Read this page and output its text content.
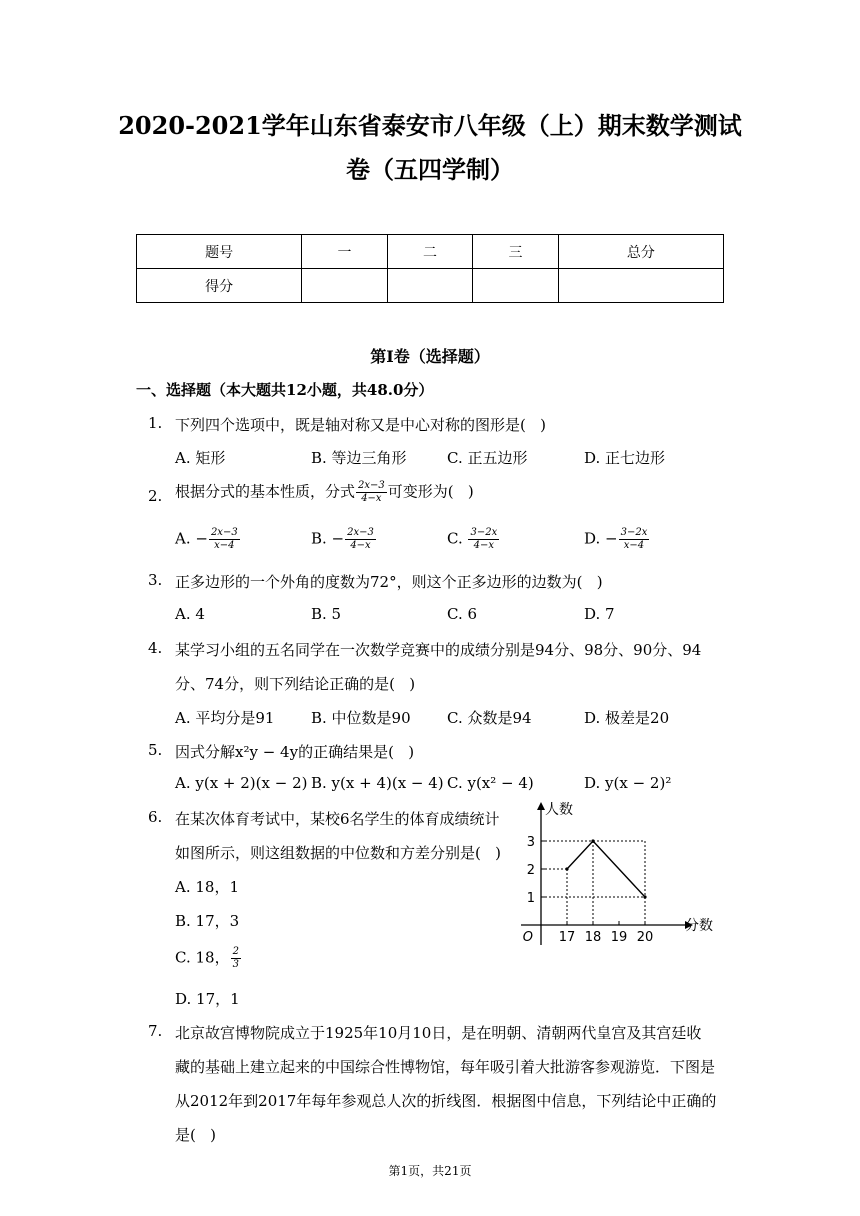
2020-2021学年山东省泰安市八年级（上）期末数学测试
卷（五四学制）
题号	一	二	三	总分
得分				
第I卷（选择题）
一、选择题（本大题共12小题，共48.0分）
1. 下列四个选项中，既是轴对称又是中心对称的图形是(   )
A. 矩形	B. 等边三角形	C. 正五边形	D. 正七边形
2. 根据分式的基本性质，分式 $\frac{2x-3}{4-x}$ 可变形为(   )
A. − $\frac{2x-3}{x-4}$	B. − $\frac{2x-3}{4-x}$	C. $\frac{3-2x}{4-x}$	D. − $\frac{3-2x}{x-4}$
3. 正多边形的一个外角的度数为72°，则这个正多边形的边数为(   )
A. 4	B. 5	C. 6	D. 7
4. 某学习小组的五名同学在一次数学竞赛中的成绩分别是94分、98分、90分、94
分、74分，则下列结论正确的是(   )
A. 平均分是91 B. 中位数是90 C. 众数是94	D. 极差是20
5. 因式分解x²y − 4y的正确结果是(   )
A. y(x + 2)(x − 2) B. y(x + 4)(x − 4) C. y(x² − 4)	D. y(x − 2)²
6. 在某次体育考试中，某校6名学生的体育成绩统计
如图所示，则这组数据的中位数和方差分别是(   )
A. 18，1
B. 17，3
C. 18， $\frac{2}{3}$
D. 17，1
17 18 19 20
1
2
3
O
分数
人数
7. 北京故宫博物院成立于1925年10月10日，是在明朝、清朝两代皇宫及其宫廷收
藏的基础上建立起来的中国综合性博物馆，每年吸引着大批游客参观游览．下图是
从2012年到2017年每年参观总人次的折线图．根据图中信息，下列结论中正确的
是(   )
第1页，共21页
